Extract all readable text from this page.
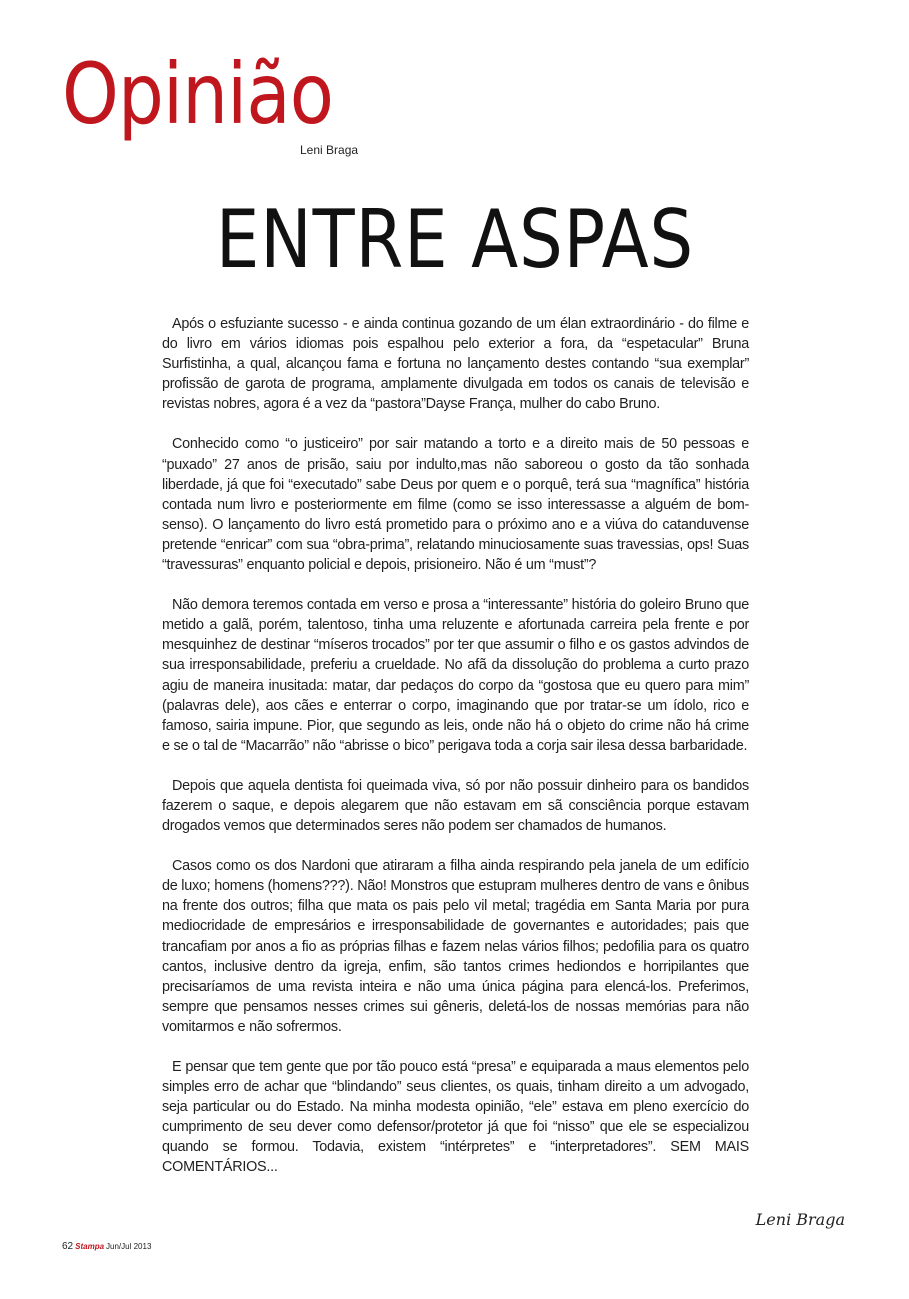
Opinião
Leni Braga
ENTRE ASPAS

Após o esfuziante sucesso - e ainda continua gozando de um élan extraordinário - do filme e do livro em vários idiomas pois espalhou pelo exterior a fora, da “espetacular” Bruna Surfistinha, a qual, alcançou fama e fortuna no lançamento destes contando “sua exemplar” profissão de garota de programa, amplamente divulgada em todos os canais de televisão e revistas nobres, agora é a vez da “pastora”Dayse França, mulher do cabo Bruno.

Conhecido como “o justiceiro” por sair matando a torto e a direito mais de 50 pessoas e “puxado” 27 anos de prisão, saiu por indulto,mas não saboreou o gosto da tão sonhada liberdade, já que foi “executado” sabe Deus por quem e o porquê, terá sua “magnífica” história contada num livro e posteriormente em filme (como se isso interessasse a alguém de bom-senso). O lançamento do livro está prometido para o próximo ano e a viúva do catanduvense pretende “enricar” com sua “obra-prima”, relatando minuciosamente suas travessias, ops! Suas “travessuras” enquanto policial e depois, prisioneiro. Não é um “must”?

Não demora teremos contada em verso e prosa a “interessante” história do goleiro Bruno que metido a galã, porém, talentoso, tinha uma reluzente e afortunada carreira pela frente e por mesquinhez de destinar “míseros trocados” por ter que assumir o filho e os gastos advindos de sua irresponsabilidade, preferiu a crueldade. No afã da dissolução do problema a curto prazo agiu de maneira inusitada: matar, dar pedaços do corpo da “gostosa que eu quero para mim” (palavras dele), aos cães e enterrar o corpo, imaginando que por tratar-se um ídolo, rico e famoso, sairia impune. Pior, que segundo as leis, onde não há o objeto do crime não há crime e se o tal de “Macarrão” não “abrisse o bico” perigava toda a corja sair ilesa dessa barbaridade.

Depois que aquela dentista foi queimada viva, só por não possuir dinheiro para os bandidos fazerem o saque, e depois alegarem que não estavam em sã consciência porque estavam drogados vemos que determinados seres não podem ser chamados de humanos.

Casos como os dos Nardoni que atiraram a filha ainda respirando pela janela de um edifício de luxo; homens (homens???). Não! Monstros que estupram mulheres dentro de vans e ônibus na frente dos outros; filha que mata os pais pelo vil metal; tragédia em Santa Maria por pura mediocridade de empresários e irresponsabilidade de governantes e autoridades; pais que trancafiam por anos a fio as próprias filhas e fazem nelas vários filhos; pedofilia para os quatro cantos, inclusive dentro da igreja, enfim, são tantos crimes hediondos e horripilantes que precisaríamos de uma revista inteira e não uma única página para elencá-los. Preferimos, sempre que pensamos nesses crimes sui gêneris, deletá-los de nossas memórias para não vomitarmos e não sofrermos.

E pensar que tem gente que por tão pouco está “presa” e equiparada a maus elementos pelo simples erro de achar que “blindando” seus clientes, os quais, tinham direito a um advogado, seja particular ou do Estado. Na minha modesta opinião, “ele” estava em pleno exercício do cumprimento de seu dever como defensor/protetor já que foi “nisso” que ele se especializou quando se formou. Todavia, existem “intérpretes” e “interpretadores”. SEM MAIS COMENTÁRIOS...

Leni Braga
62 Stampa Jun/Jul 2013
